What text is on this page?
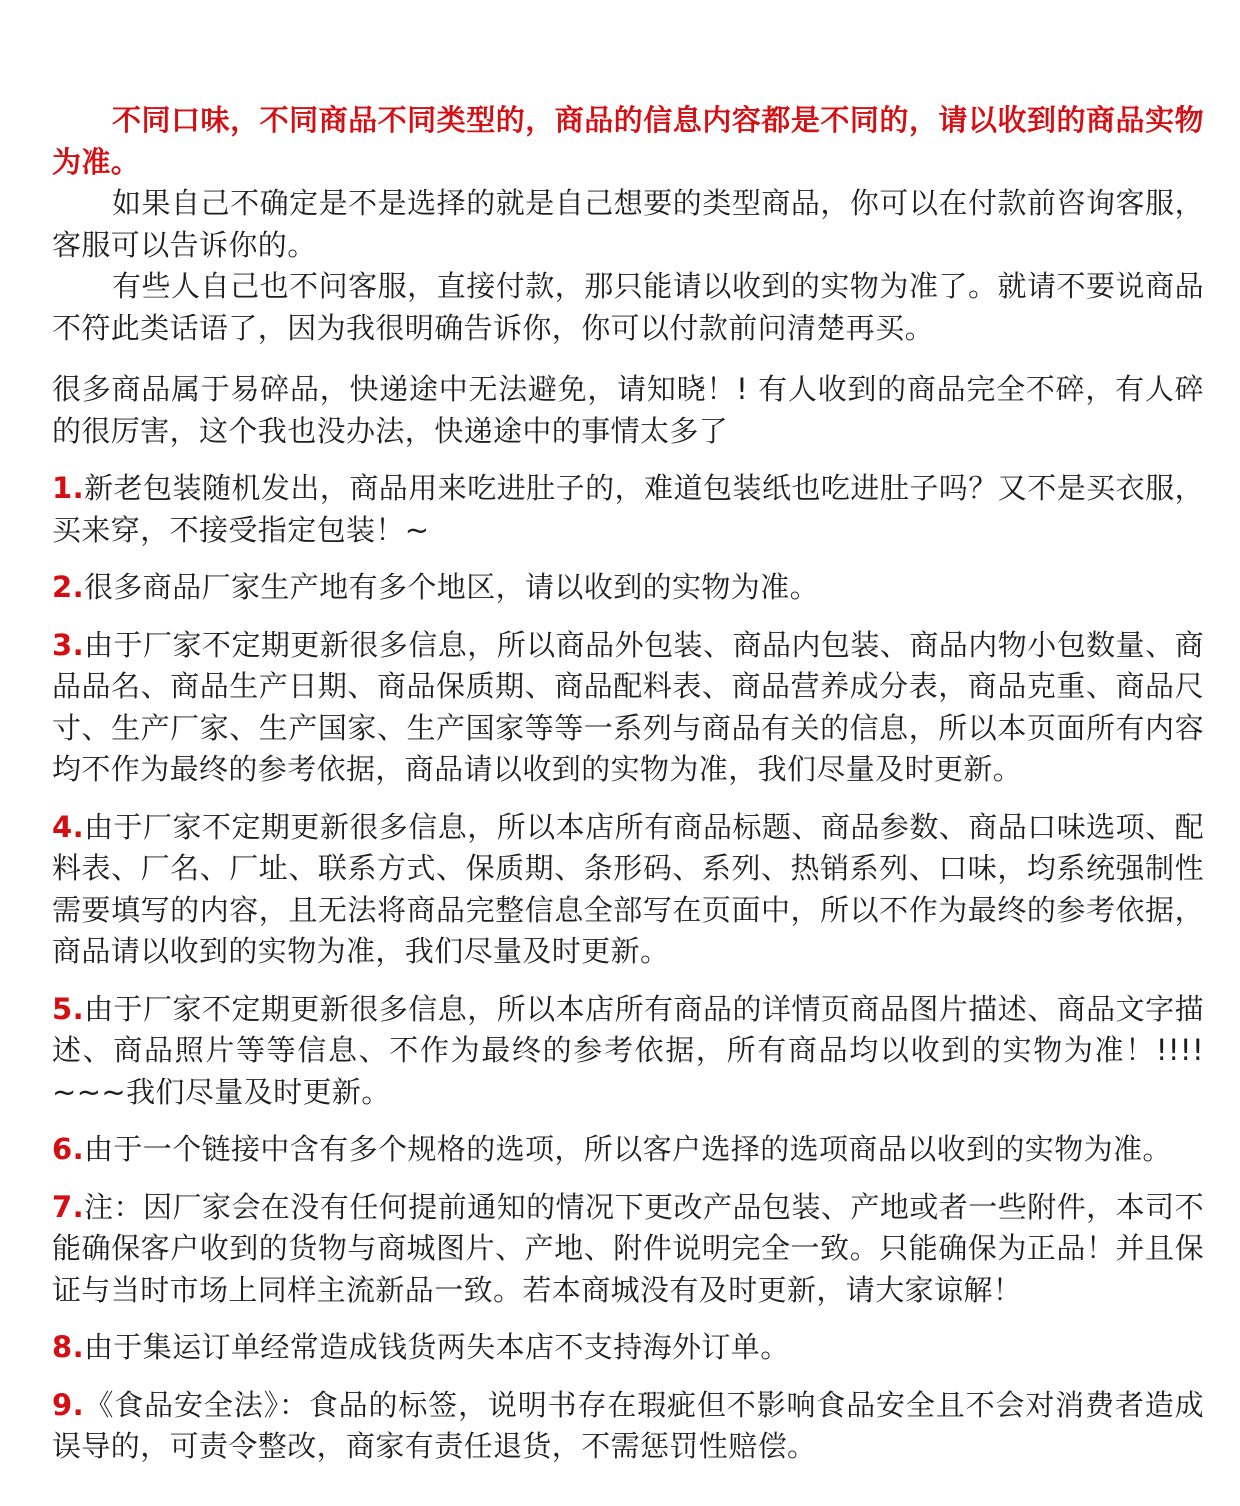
不同口味，不同商品不同类型的，商品的信息内容都是不同的，请以收到的商品实物为准。

如果自己不确定是不是选择的就是自己想要的类型商品，你可以在付款前咨询客服，客服可以告诉你的。

有些人自己也不问客服，直接付款，那只能请以收到的实物为准了。就请不要说商品不符此类话语了，因为我很明确告诉你，你可以付款前问清楚再买。

很多商品属于易碎品，快递途中无法避免，请知晓！! 有人收到的商品完全不碎，有人碎的很厉害，这个我也没办法，快递途中的事情太多了

1.新老包装随机发出，商品用来吃进肚子的，难道包装纸也吃进肚子吗？又不是买衣服，买来穿，不接受指定包装！~

2.很多商品厂家生产地有多个地区，请以收到的实物为准。

3.由于厂家不定期更新很多信息，所以商品外包装、商品内包装、商品内物小包数量、商品品名、商品生产日期、商品保质期、商品配料表、商品营养成分表，商品克重、商品尺寸、生产厂家、生产国家、生产国家等等一系列与商品有关的信息，所以本页面所有内容均不作为最终的参考依据，商品请以收到的实物为准，我们尽量及时更新。

4.由于厂家不定期更新很多信息，所以本店所有商品标题、商品参数、商品口味选项、配料表、厂名、厂址、联系方式、保质期、条形码、系列、热销系列、口味，均系统强制性需要填写的内容，且无法将商品完整信息全部写在页面中，所以不作为最终的参考依据，商品请以收到的实物为准，我们尽量及时更新。

5.由于厂家不定期更新很多信息，所以本店所有商品的详情页商品图片描述、商品文字描述、商品照片等等信息、不作为最终的参考依据，所有商品均以收到的实物为准！!!!! ~~~我们尽量及时更新。

6.由于一个链接中含有多个规格的选项，所以客户选择的选项商品以收到的实物为准。

7.注：因厂家会在没有任何提前通知的情况下更改产品包装、产地或者一些附件，本司不能确保客户收到的货物与商城图片、产地、附件说明完全一致。只能确保为正品！并且保证与当时市场上同样主流新品一致。若本商城没有及时更新，请大家谅解！

8.由于集运订单经常造成钱货两失本店不支持海外订单。

9.《食品安全法》：食品的标签，说明书存在瑕疵但不影响食品安全且不会对消费者造成误导的，可责令整改，商家有责任退货，不需惩罚性赔偿。
